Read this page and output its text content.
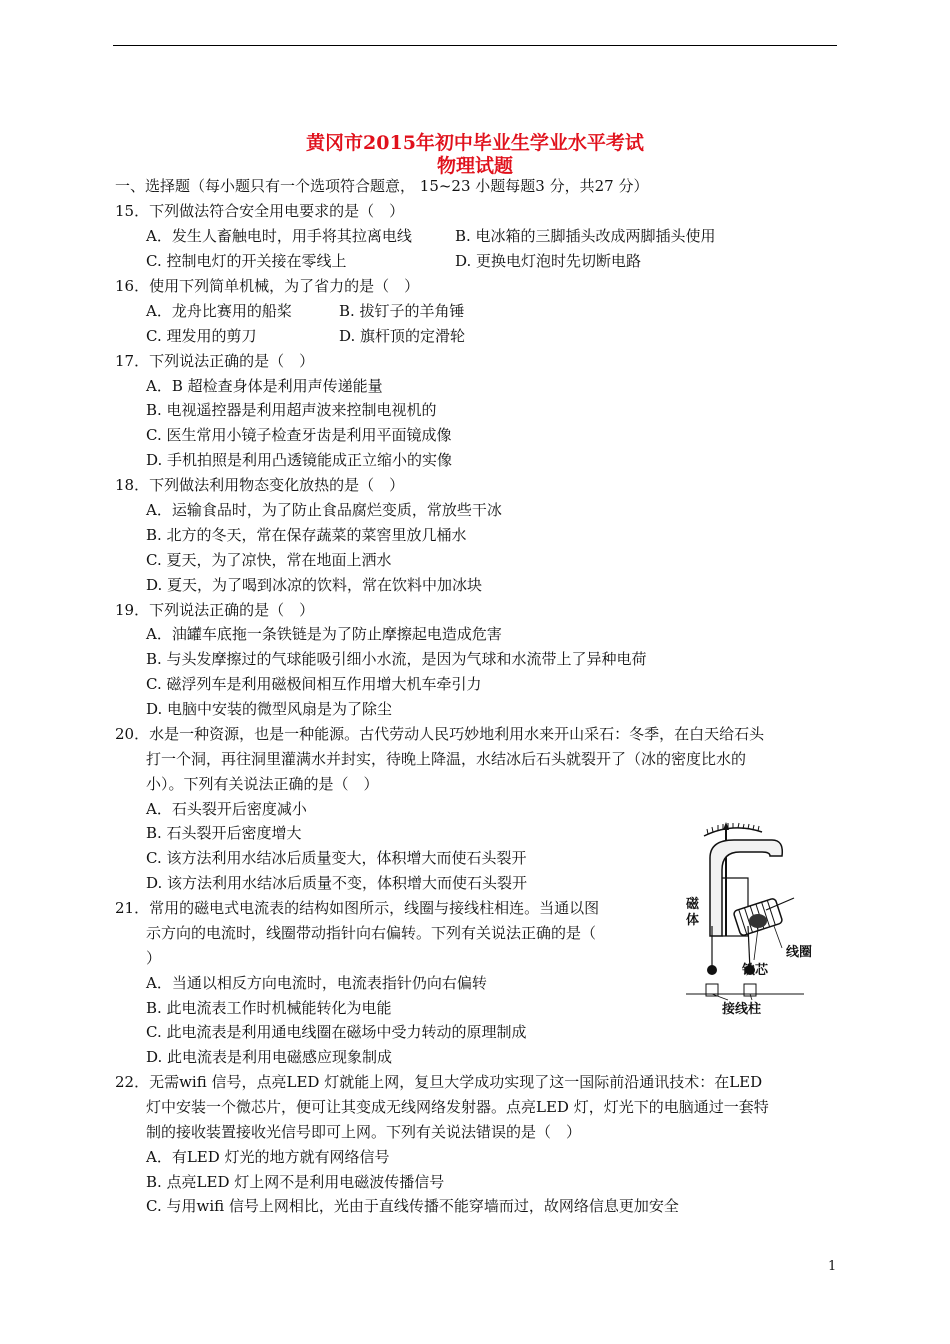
黄冈市2015年初中毕业生学业水平考试
物理试题
一、选择题（每小题只有一个选项符合题意， 15~23 小题每题3 分，共27 分）
15．下列做法符合安全用电要求的是（　）
A．发生人畜触电时，用手将其拉离电线	B. 电冰箱的三脚插头改成两脚插头使用
C. 控制电灯的开关接在零线上	D. 更换电灯泡时先切断电路
16．使用下列简单机械，为了省力的是（　）
A．龙舟比赛用的船桨	B. 拔钉子的羊角锤
C. 理发用的剪刀	D. 旗杆顶的定滑轮
17．下列说法正确的是（　）
A．B 超检查身体是利用声传递能量
B. 电视遥控器是利用超声波来控制电视机的
C. 医生常用小镜子检查牙齿是利用平面镜成像
D. 手机拍照是利用凸透镜能成正立缩小的实像
18．下列做法利用物态变化放热的是（　）
A．运输食品时，为了防止食品腐烂变质，常放些干冰
B. 北方的冬天，常在保存蔬菜的菜窖里放几桶水
C. 夏天，为了凉快，常在地面上洒水
D. 夏天，为了喝到冰凉的饮料，常在饮料中加冰块
19．下列说法正确的是（　）
A．油罐车底拖一条铁链是为了防止摩擦起电造成危害
B. 与头发摩擦过的气球能吸引细小水流，是因为气球和水流带上了异种电荷
C. 磁浮列车是利用磁极间相互作用增大机车牵引力
D. 电脑中安装的微型风扇是为了除尘
20．水是一种资源，也是一种能源。古代劳动人民巧妙地利用水来开山采石：冬季，在白天给石头
打一个洞，再往洞里灌满水并封实，待晚上降温，水结冰后石头就裂开了（冰的密度比水的
小）。下列有关说法正确的是（　）
A．石头裂开后密度减小
B. 石头裂开后密度增大
C. 该方法利用水结冰后质量变大，体积增大而使石头裂开
D. 该方法利用水结冰后质量不变，体积增大而使石头裂开
21．常用的磁电式电流表的结构如图所示，线圈与接线柱相连。当通以图
示方向的电流时，线圈带动指针向右偏转。下列有关说法正确的是（
）
A．当通以相反方向电流时，电流表指针仍向右偏转
B. 此电流表工作时机械能转化为电能
C. 此电流表是利用通电线圈在磁场中受力转动的原理制成
D. 此电流表是利用电磁感应现象制成
磁
体
线圈
铁芯
接线柱
22．无需wifi 信号，点亮LED 灯就能上网，复旦大学成功实现了这一国际前沿通讯技术：在LED
灯中安装一个微芯片，便可让其变成无线网络发射器。点亮LED 灯，灯光下的电脑通过一套特
制的接收装置接收光信号即可上网。下列有关说法错误的是（　）
A．有LED 灯光的地方就有网络信号
B. 点亮LED 灯上网不是利用电磁波传播信号
C. 与用wifi 信号上网相比，光由于直线传播不能穿墙而过，故网络信息更加安全
1
